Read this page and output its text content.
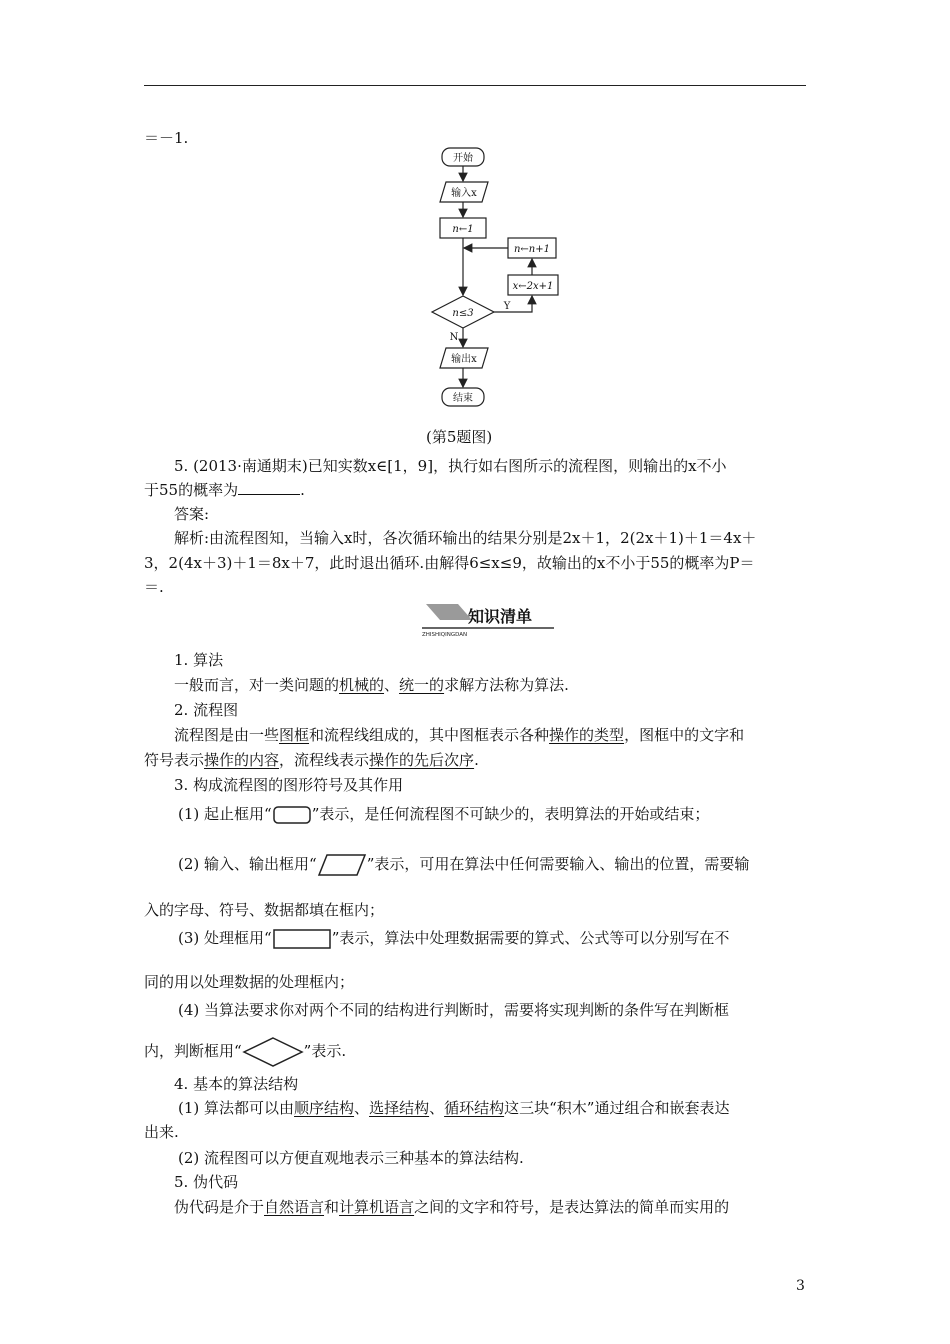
＝－1.
开始
输入x
n←1
n←n+1
x←2x+1
n≤3
Y
N
输出x
结束
(第5题图)
5. (2013·南通期末)已知实数x∈[1，9]，执行如右图所示的流程图，则输出的x不小
于55的概率为	.
答案:
解析:由流程图知，当输入x时，各次循环输出的结果分别是2x＋1，2(2x＋1)＋1＝4x＋
3，2(4x＋3)＋1＝8x＋7，此时退出循环.由解得6≤x≤9，故输出的x不小于55的概率为P＝
＝.
知识清单
ZHISHIQINGDAN
1. 算法
一般而言，对一类问题的机械的、统一的求解方法称为算法.
2. 流程图
流程图是由一些图框和流程线组成的，其中图框表示各种操作的类型，图框中的文字和
符号表示操作的内容，流程线表示操作的先后次序.
3. 构成流程图的图形符号及其作用
(1) 起止框用“	”表示，是任何流程图不可缺少的，表明算法的开始或结束；
(2) 输入、输出框用“	”表示，可用在算法中任何需要输入、输出的位置，需要输
入的字母、符号、数据都填在框内；
(3) 处理框用“	”表示，算法中处理数据需要的算式、公式等可以分别写在不
同的用以处理数据的处理框内；
(4) 当算法要求你对两个不同的结构进行判断时，需要将实现判断的条件写在判断框
内，判断框用“	”表示.
4. 基本的算法结构
(1) 算法都可以由顺序结构、选择结构、循环结构这三块“积木”通过组合和嵌套表达
出来.
(2) 流程图可以方便直观地表示三种基本的算法结构.
5. 伪代码
伪代码是介于自然语言和计算机语言之间的文字和符号，是表达算法的简单而实用的
3
